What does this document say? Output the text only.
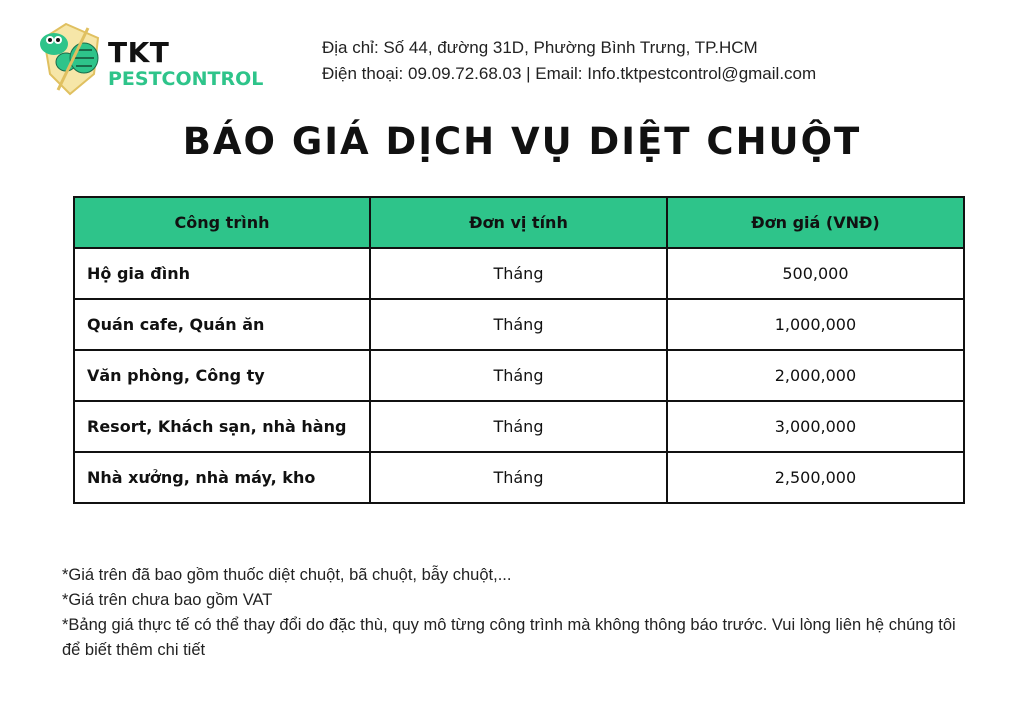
TKT
PESTCONTROL
Địa chỉ: Số 44, đường 31D, Phường Bình Trưng, TP.HCM
Điện thoại: 09.09.72.68.03 | Email: Info.tktpestcontrol@gmail.com
BÁO GIÁ DỊCH VỤ DIỆT CHUỘT
Công trình	Đơn vị tính	Đơn giá (VNĐ)
Hộ gia đình	Tháng	500,000
Quán cafe, Quán ăn	Tháng	1,000,000
Văn phòng, Công ty	Tháng	2,000,000
Resort, Khách sạn, nhà hàng	Tháng	3,000,000
Nhà xưởng, nhà máy, kho	Tháng	2,500,000
*Giá trên đã bao gồm thuốc diệt chuột, bã chuột, bẫy chuột,...
*Giá trên chưa bao gồm VAT
*Bảng giá thực tế có thể thay đổi do đặc thù, quy mô từng công trình mà không thông báo trước. Vui lòng liên hệ chúng tôi để biết thêm chi tiết
